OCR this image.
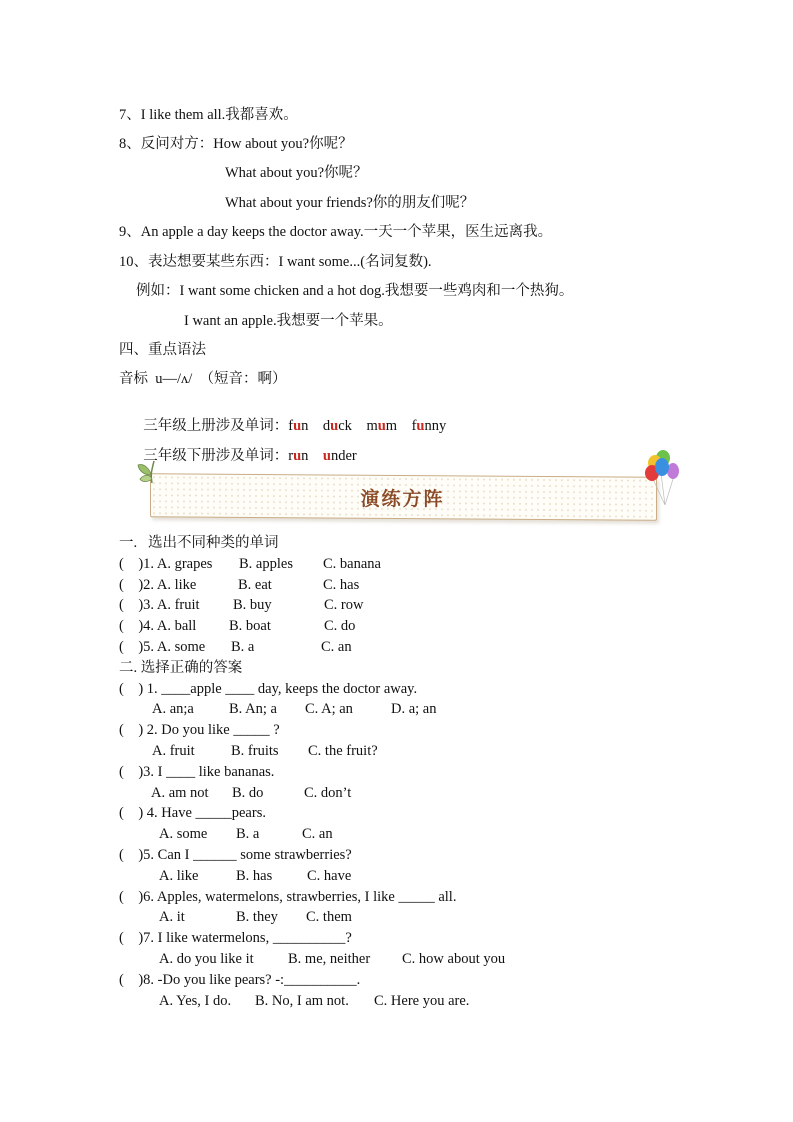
7、I like them all.我都喜欢。
8、反问对方：How about you?你呢？
What about you?你呢？
What about your friends?你的朋友们呢？
9、An apple a day keeps the doctor away.一天一个苹果，医生远离我。
10、表达想要某些东西：I want some...(名词复数).
例如：I want some chicken and a hot dog.我想要一些鸡肉和一个热狗。
I want an apple.我想要一个苹果。
四、重点语法
音标  u—/ʌ/  （短音：啊）

三年级上册涉及单词：fun duck mum funny

三年级下册涉及单词：run under

演练方阵
一.   选出不同种类的单词
(    )1. A. grapes B. apples C. banana
(    )2. A. like	B. eat	C. has
(    )3. A. fruit B. buy	C. row
(    )4. A. ball B. boat	C. do
(    )5. A. some B. a	C. an
二. 选择正确的答案
(    ) 1. ____apple ____ day, keeps the doctor away.
A. an;a B. An; a C. A; an	D. a; an
(    ) 2. Do you like _____ ?
A. fruit	B. fruits C. the fruit?
(    )3. I ____ like bananas.
A. am not B. do	C. don’t
(    ) 4. Have _____pears.
A. some B. a	C. an
(    )5. Can I ______ some strawberries?
A. like	B. has C. have
(    )6. Apples, watermelons, strawberries, I like _____ all.
A. it	B. they C. them
(    )7. I like watermelons, __________?
A. do you like it B. me, neither C. how about you
(    )8. -Do you like pears? -:__________.
A. Yes, I do. B. No, I am not. C. Here you are.
